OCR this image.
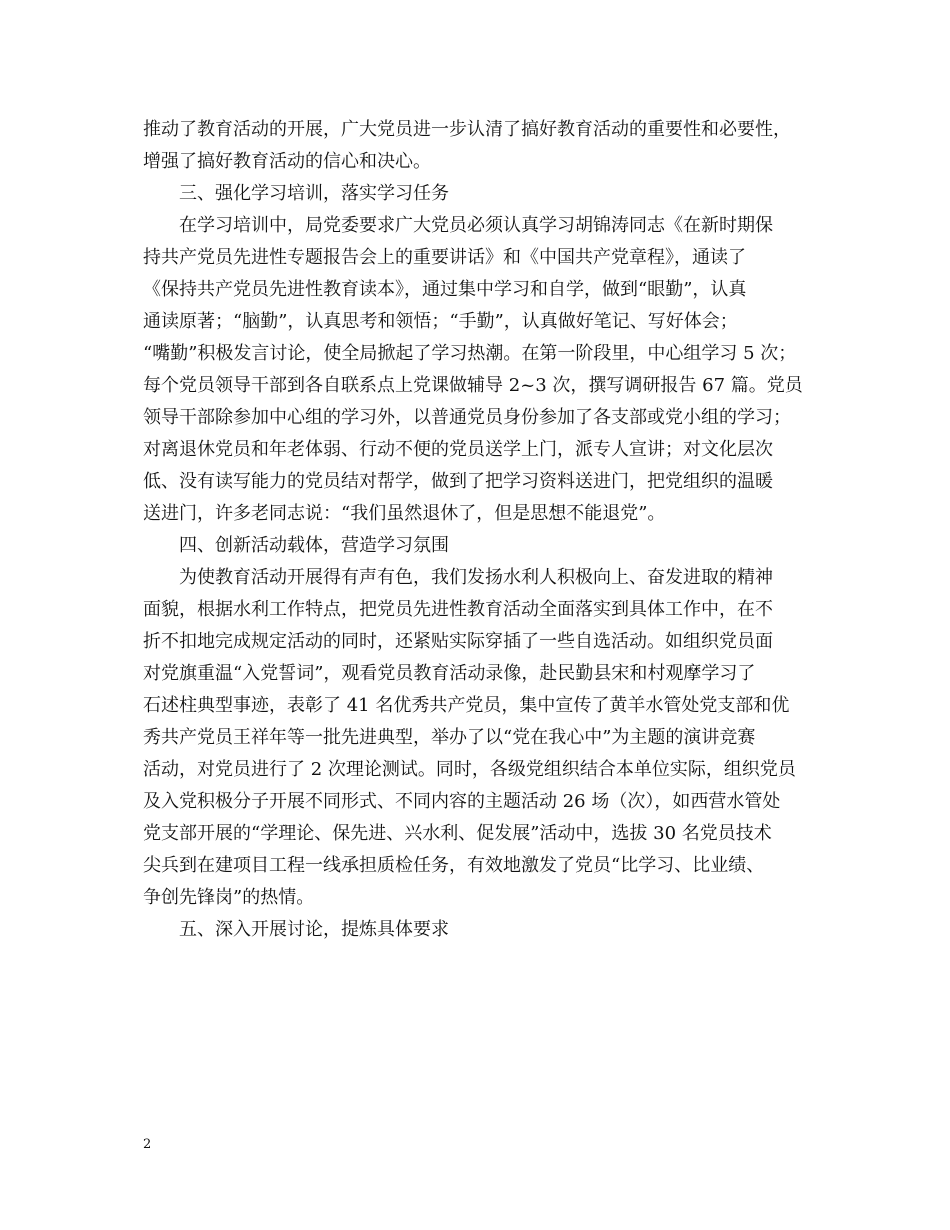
推动了教育活动的开展，广大党员进一步认清了搞好教育活动的重要性和必要性，
增强了搞好教育活动的信心和决心。
三、强化学习培训，落实学习任务
在学习培训中，局党委要求广大党员必须认真学习胡锦涛同志《在新时期保
持共产党员先进性专题报告会上的重要讲话》和《中国共产党章程》，通读了
《保持共产党员先进性教育读本》，通过集中学习和自学，做到“眼勤”，认真
通读原著；“脑勤”，认真思考和领悟；“手勤”，认真做好笔记、写好体会；
“嘴勤”积极发言讨论，使全局掀起了学习热潮。在第一阶段里，中心组学习 5 次；
每个党员领导干部到各自联系点上党课做辅导 2~3 次，撰写调研报告 67 篇。党员
领导干部除参加中心组的学习外，以普通党员身份参加了各支部或党小组的学习；
对离退休党员和年老体弱、行动不便的党员送学上门，派专人宣讲；对文化层次
低、没有读写能力的党员结对帮学，做到了把学习资料送进门，把党组织的温暖
送进门，许多老同志说：“我们虽然退休了，但是思想不能退党”。
四、创新活动载体，营造学习氛围
为使教育活动开展得有声有色，我们发扬水利人积极向上、奋发进取的精神
面貌，根据水利工作特点，把党员先进性教育活动全面落实到具体工作中，在不
折不扣地完成规定活动的同时，还紧贴实际穿插了一些自选活动。如组织党员面
对党旗重温“入党誓词”，观看党员教育活动录像，赴民勤县宋和村观摩学习了
石述柱典型事迹，表彰了 41 名优秀共产党员，集中宣传了黄羊水管处党支部和优
秀共产党员王祥年等一批先进典型，举办了以“党在我心中”为主题的演讲竞赛
活动，对党员进行了 2 次理论测试。同时，各级党组织结合本单位实际，组织党员
及入党积极分子开展不同形式、不同内容的主题活动 26 场（次），如西营水管处
党支部开展的“学理论、保先进、兴水利、促发展”活动中，选拔 30 名党员技术
尖兵到在建项目工程一线承担质检任务，有效地激发了党员“比学习、比业绩、
争创先锋岗”的热情。
五、深入开展讨论，提炼具体要求
2
